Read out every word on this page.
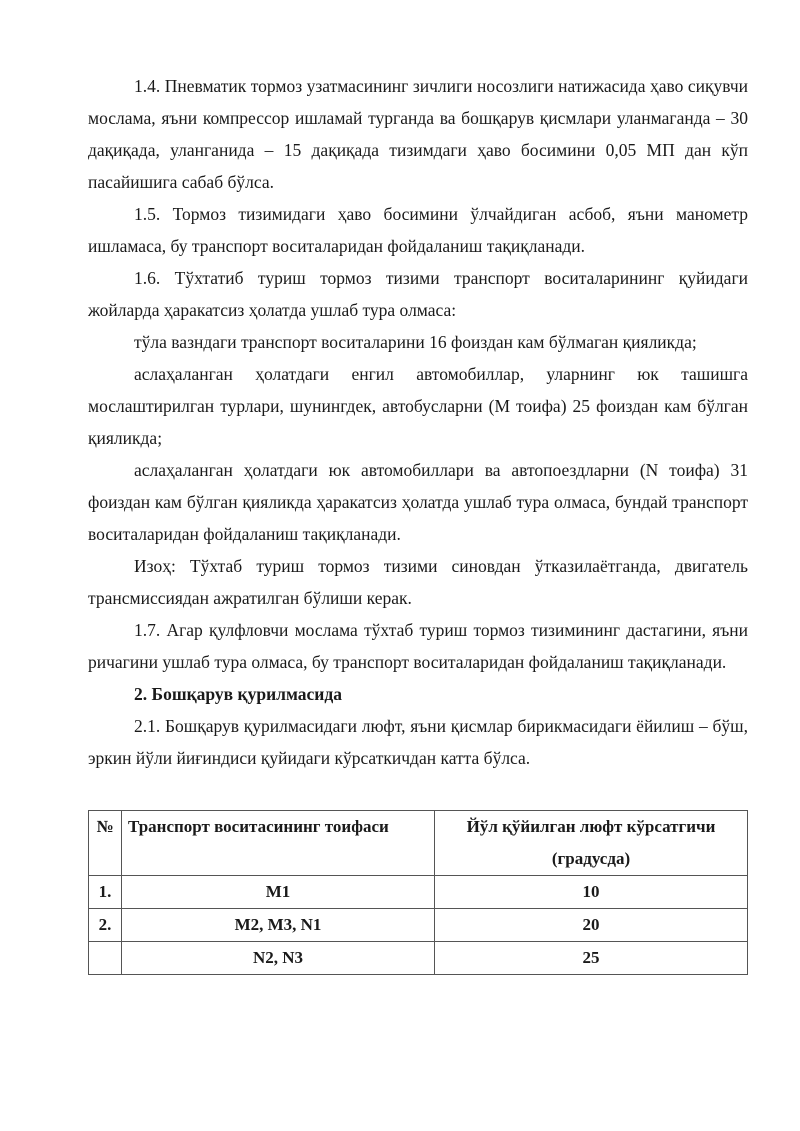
1.4. Пневматик тормоз узатмасининг зичлиги носозлиги натижасида ҳаво сиқувчи мослама, яъни компрессор ишламай турганда ва бошқарув қисмлари уланмаганда – 30 дақиқада, уланганида – 15 дақиқада тизимдаги ҳаво босимини 0,05 МП дан кўп пасайишига сабаб бўлса.

1.5. Тормоз тизимидаги ҳаво босимини ўлчайдиган асбоб, яъни манометр ишламаса, бу транспорт воситаларидан фойдаланиш тақиқланади.

1.6. Тўхтатиб туриш тормоз тизими транспорт воситаларининг қуйидаги жойларда ҳаракатсиз ҳолатда ушлаб тура олмаса:

тўла вазндаги транспорт воситаларини 16 фоиздан кам бўлмаган қияликда;

аслаҳаланган ҳолатдаги енгил автомобиллар, уларнинг юк ташишга мослаштирилган турлари, шунингдек, автобусларни (М тоифа) 25 фоиздан кам бўлган қияликда;

аслаҳаланган ҳолатдаги юк автомобиллари ва автопоездларни (N тоифа) 31 фоиздан кам бўлган қияликда ҳаракатсиз ҳолатда ушлаб тура олмаса, бундай транспорт воситаларидан фойдаланиш тақиқланади.

Изоҳ: Тўхтаб туриш тормоз тизими синовдан ўтказилаётганда, двигатель трансмиссиядан ажратилган бўлиши керак.

1.7. Агар қулфловчи мослама тўхтаб туриш тормоз тизимининг дастагини, яъни ричагини ушлаб тура олмаса, бу транспорт воситаларидан фойдаланиш тақиқланади.

2. Бошқарув қурилмасида

2.1. Бошқарув қурилмасидаги люфт, яъни қисмлар бирикмасидаги ёйилиш – бўш, эркин йўли йиғиндиси қуйидаги кўрсаткичдан катта бўлса.

№	Транспорт воситасининг тоифаси	Йўл қўйилган люфт кўрсатгичи (градусда)
1.	M1	10
2.	M2, M3, N1	20
	N2, N3	25
